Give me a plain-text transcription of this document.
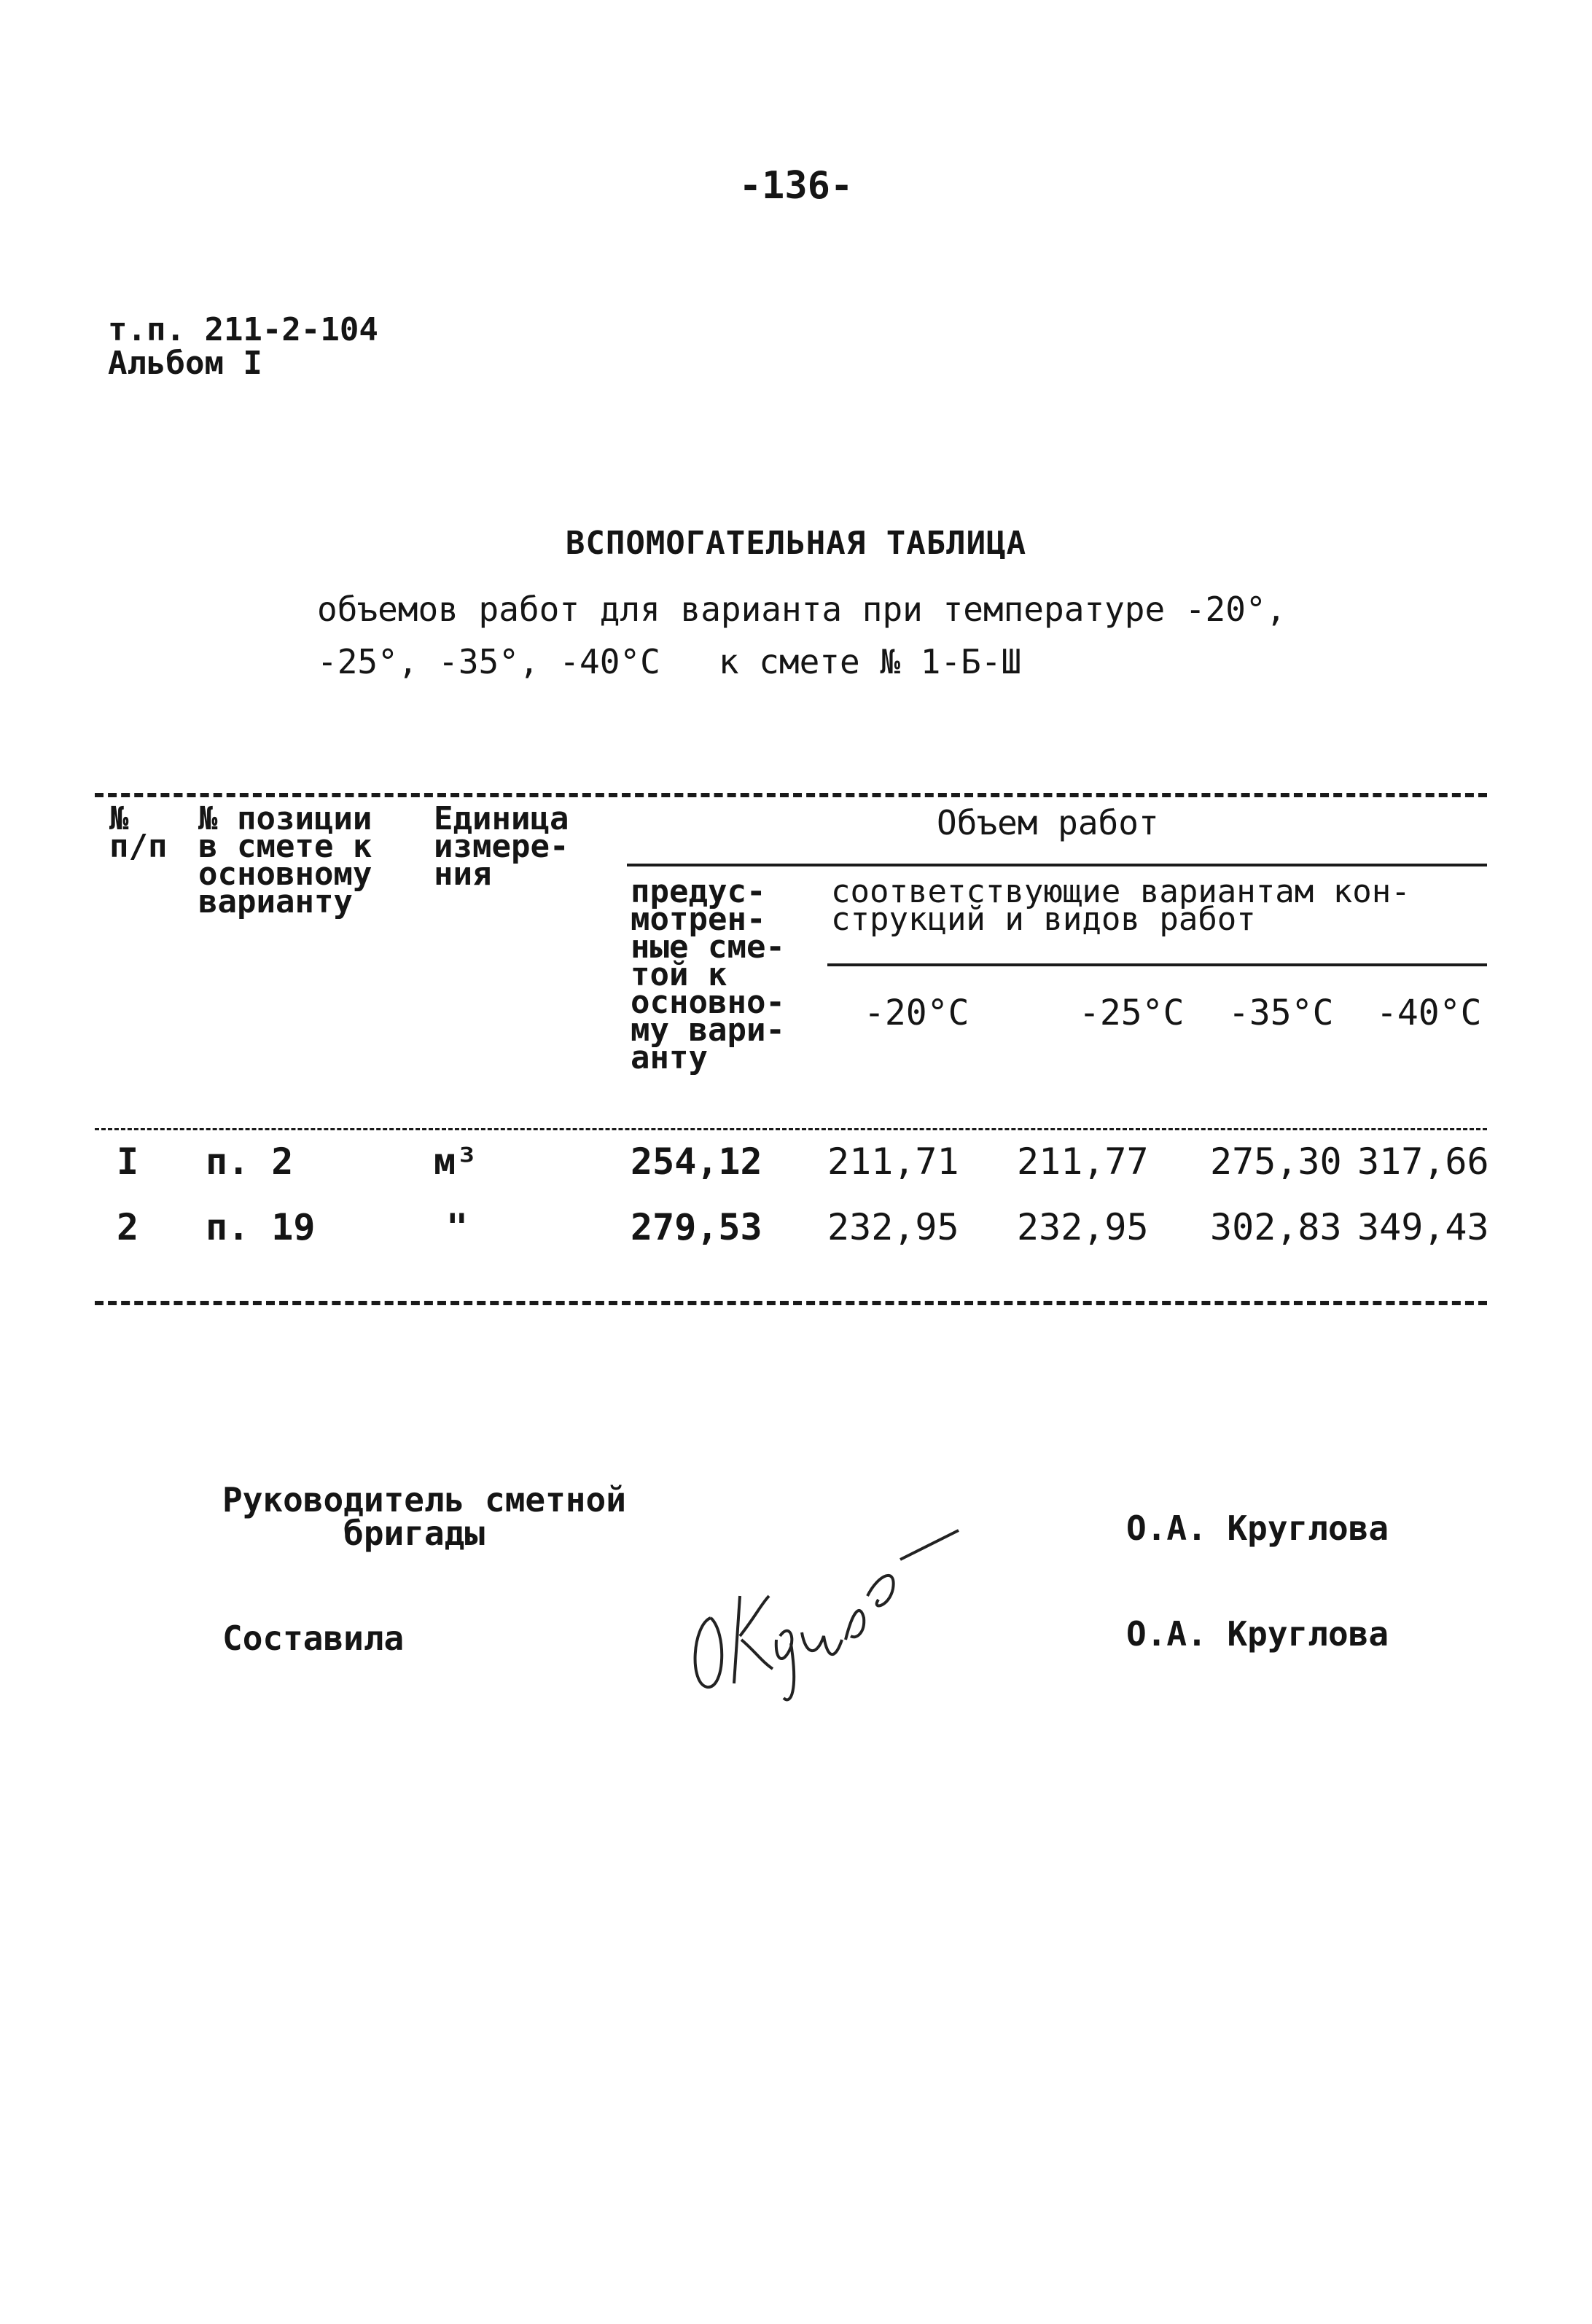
-136-
т.п. 211-2-104
Альбом I
ВСПОМОГАТЕЛЬНАЯ ТАБЛИЦА
объемов работ для варианта при температуре -20°,
-25°, -35°, -40°С к смете № 1-Б-Ш
№
п/п
№ позиции
в смете к
основному
варианту
Единица
измере-
ния
Объем работ
предус-
мотрен-
ные сме-
той к
основно-
му вари-
анту
соответствующие вариантам кон-
струкций и видов работ
-20°С	-25°С -35°С -40°С
I п. 2	м³	254,12 211,71 211,77 275,30 317,66
2 п. 19	"	279,53 232,95 232,95 302,83 349,43
Руководитель сметной
бригады	О.А. Круглова
Составила	О.А. Круглова
